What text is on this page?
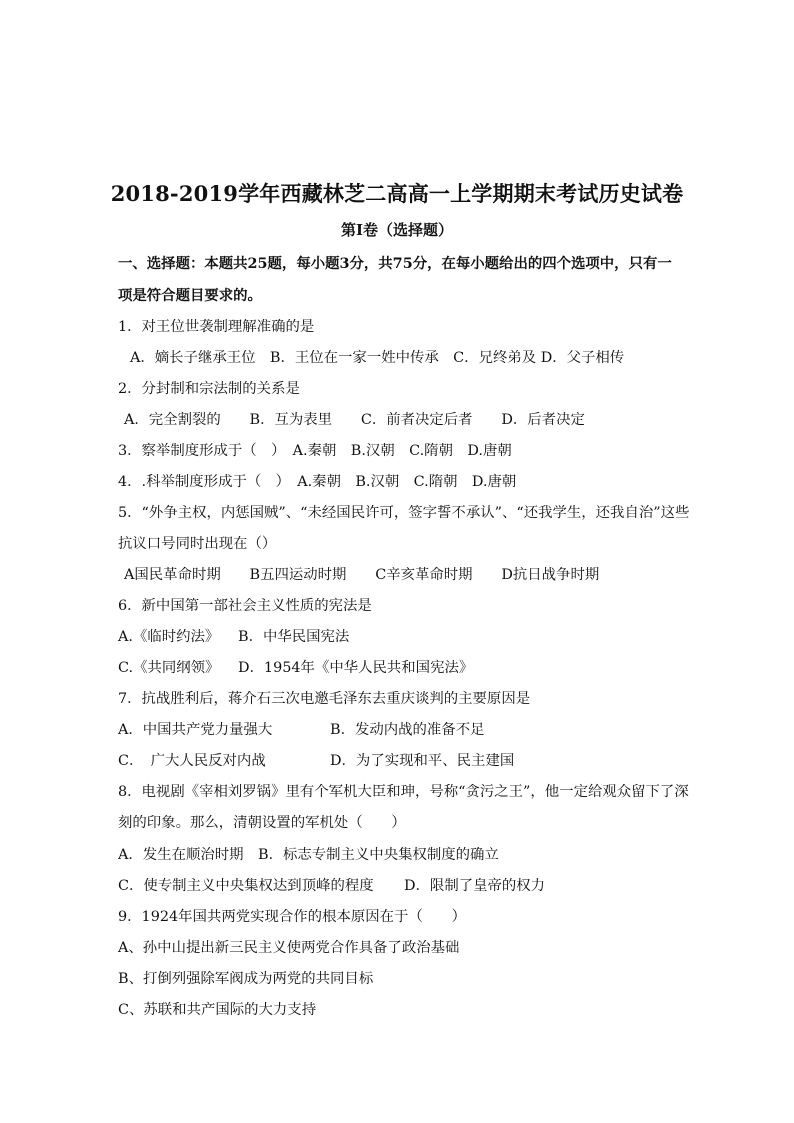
2018-2019学年西藏林芝二高高一上学期期末考试历史试卷
第I卷（选择题）
一、选择题：本题共25题，每小题3分，共75分，在每小题给出的四个选项中，只有一
项是符合题目要求的。
1．对王位世袭制理解准确的是
A．嫡长子继承王位　B．王位在一家一姓中传承　C．兄终弟及 D．父子相传
2．分封制和宗法制的关系是
A．完全割裂的　　B．互为表里　　C．前者决定后者　　D．后者决定
3．察举制度形成于（　）　A.秦朝　B.汉朝　C.隋朝　D.唐朝
4．.科举制度形成于（　）　A.秦朝　B.汉朝　C.隋朝　D.唐朝
5．“外争主权，内惩国贼”、“未经国民许可，签字誓不承认”、“还我学生，还我自治”这些
抗议口号同时出现在（）
A国民革命时期　　B五四运动时期　　C辛亥革命时期　　D抗日战争时期
6．新中国第一部社会主义性质的宪法是
A.《临时约法》 B．中华民国宪法
C.《共同纲领》 D．1954年《中华人民共和国宪法》
7．抗战胜利后，蒋介石三次电邀毛泽东去重庆谈判的主要原因是
A．中国共产党力量强大	B．发动内战的准备不足
C．　广大人民反对内战	D．为了实现和平、民主建国
8．电视剧《宰相刘罗锅》里有个军机大臣和珅，号称“贪污之王”，他一定给观众留下了深
刻的印象。那么，清朝设置的军机处（　　）
A．发生在顺治时期 B．标志专制主义中央集权制度的确立
C．使专制主义中央集权达到顶峰的程度 D．限制了皇帝的权力
9．1924年国共两党实现合作的根本原因在于（　　）
A、孙中山提出新三民主义使两党合作具备了政治基础
B、打倒列强除军阀成为两党的共同目标
C、苏联和共产国际的大力支持
